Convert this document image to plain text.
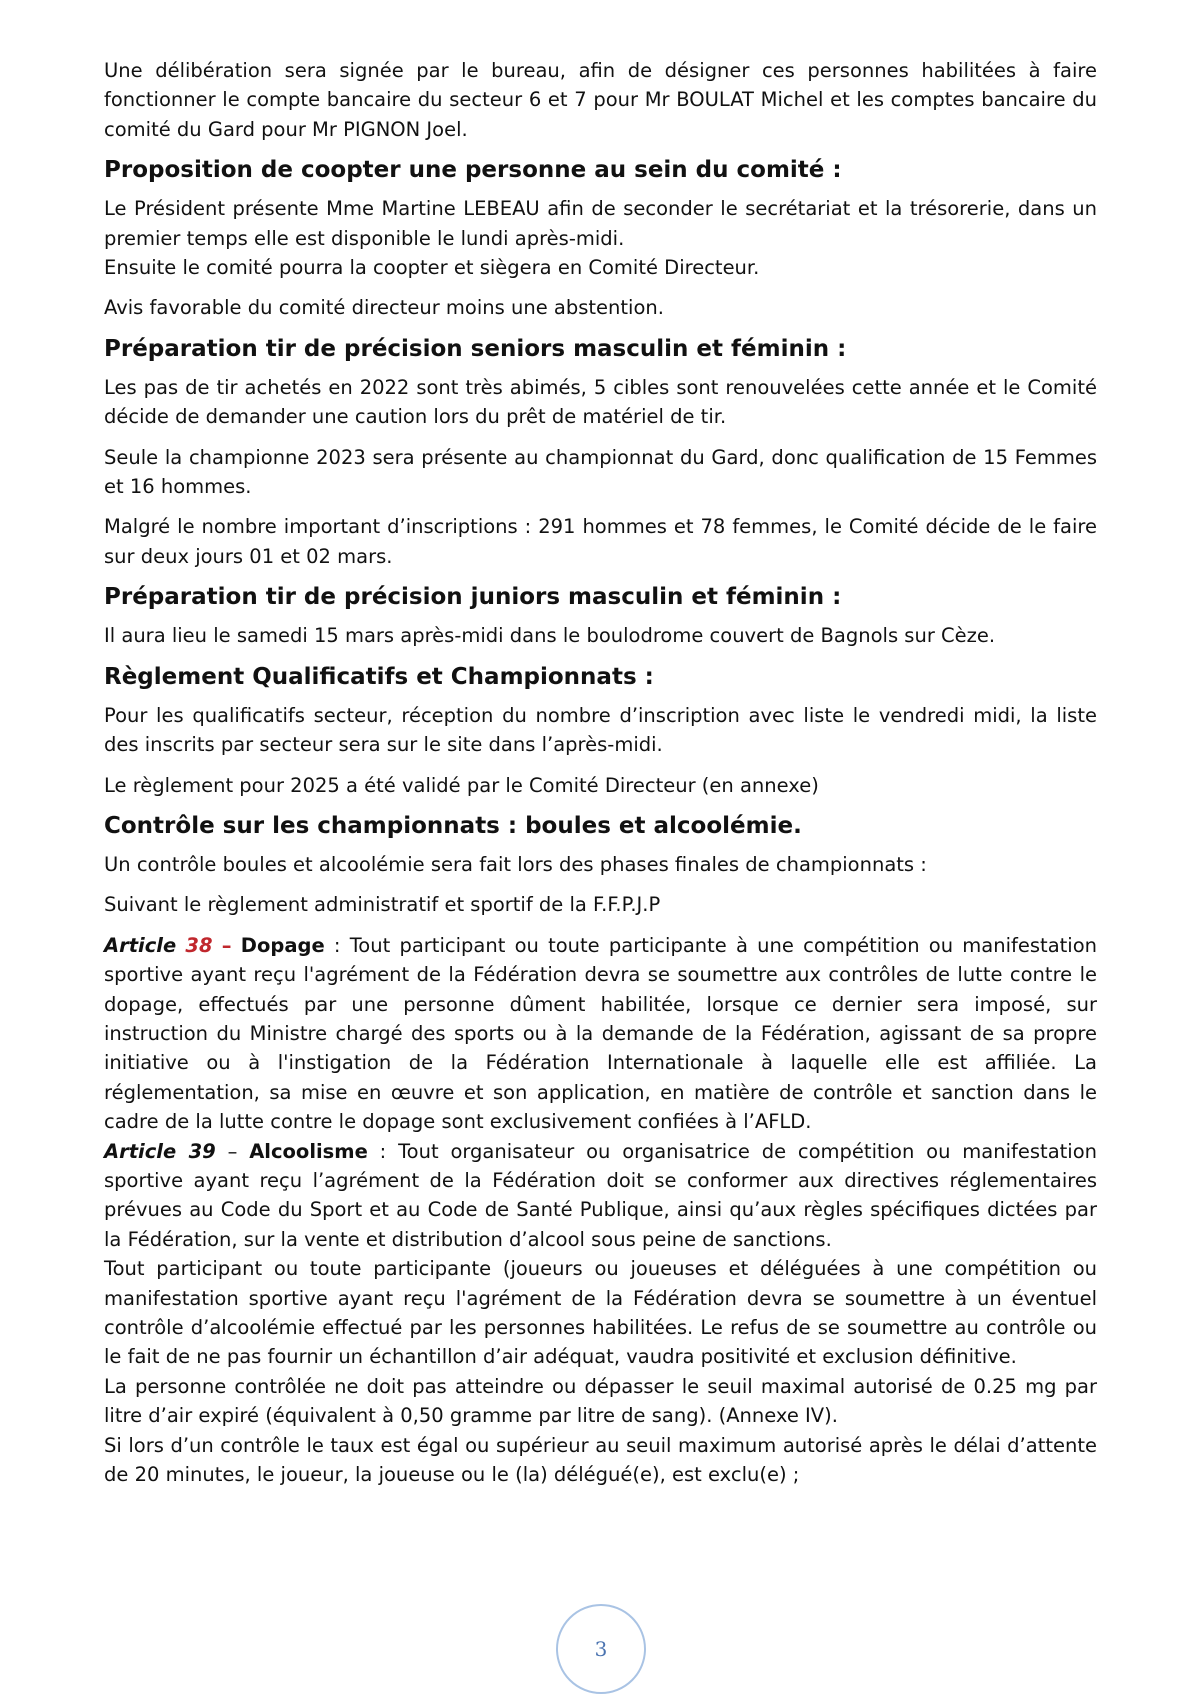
Une délibération sera signée par le bureau, afin de désigner ces personnes habilitées à faire fonctionner le compte bancaire du secteur 6 et 7 pour Mr BOULAT Michel et les comptes bancaire du comité du Gard pour Mr PIGNON Joel.

Proposition de coopter une personne au sein du comité :

Le Président présente Mme Martine LEBEAU afin de seconder le secrétariat et la trésorerie, dans un premier temps elle est disponible le lundi après-midi.

Ensuite le comité pourra la coopter et siègera en Comité Directeur.

Avis favorable du comité directeur moins une abstention.

Préparation tir de précision seniors masculin et féminin :

Les pas de tir achetés en 2022 sont très abimés, 5 cibles sont renouvelées cette année et le Comité décide de demander une caution lors du prêt de matériel de tir.

Seule la championne 2023 sera présente au championnat du Gard, donc qualification de 15 Femmes et 16 hommes.

Malgré le nombre important d’inscriptions : 291 hommes et 78 femmes, le Comité décide de le faire sur deux jours 01 et 02 mars.

Préparation tir de précision juniors masculin et féminin :

Il aura lieu le samedi 15 mars après-midi dans le boulodrome couvert de Bagnols sur Cèze.

Règlement Qualificatifs et Championnats :

Pour les qualificatifs secteur, réception du nombre d’inscription avec liste le vendredi midi, la liste des inscrits par secteur sera sur le site dans l’après-midi.

Le règlement pour 2025 a été validé par le Comité Directeur (en annexe)

Contrôle sur les championnats : boules et alcoolémie.

Un contrôle boules et alcoolémie sera fait lors des phases finales de championnats :

Suivant le règlement administratif et sportif de la F.F.P.J.P

Article 38 – Dopage : Tout participant ou toute participante à une compétition ou manifestation sportive ayant reçu l'agrément de la Fédération devra se soumettre aux contrôles de lutte contre le dopage, effectués par une personne dûment habilitée, lorsque ce dernier sera imposé, sur instruction du Ministre chargé des sports ou à la demande de la Fédération, agissant de sa propre initiative ou à l'instigation de la Fédération Internationale à laquelle elle est affiliée. La réglementation, sa mise en œuvre et son application, en matière de contrôle et sanction dans le cadre de la lutte contre le dopage sont exclusivement confiées à l’AFLD.

Article 39 – Alcoolisme : Tout organisateur ou organisatrice de compétition ou manifestation sportive ayant reçu l’agrément de la Fédération doit se conformer aux directives réglementaires prévues au Code du Sport et au Code de Santé Publique, ainsi qu’aux règles spécifiques dictées par la Fédération, sur la vente et distribution d’alcool sous peine de sanctions.

Tout participant ou toute participante (joueurs ou joueuses et déléguées à une compétition ou manifestation sportive ayant reçu l'agrément de la Fédération devra se soumettre à un éventuel contrôle d’alcoolémie effectué par les personnes habilitées. Le refus de se soumettre au contrôle ou le fait de ne pas fournir un échantillon d’air adéquat, vaudra positivité et exclusion définitive.

La personne contrôlée ne doit pas atteindre ou dépasser le seuil maximal autorisé de 0.25 mg par litre d’air expiré (équivalent à 0,50 gramme par litre de sang). (Annexe IV).

Si lors d’un contrôle le taux est égal ou supérieur au seuil maximum autorisé après le délai d’attente de 20 minutes, le joueur, la joueuse ou le (la) délégué(e), est exclu(e) ;

3
